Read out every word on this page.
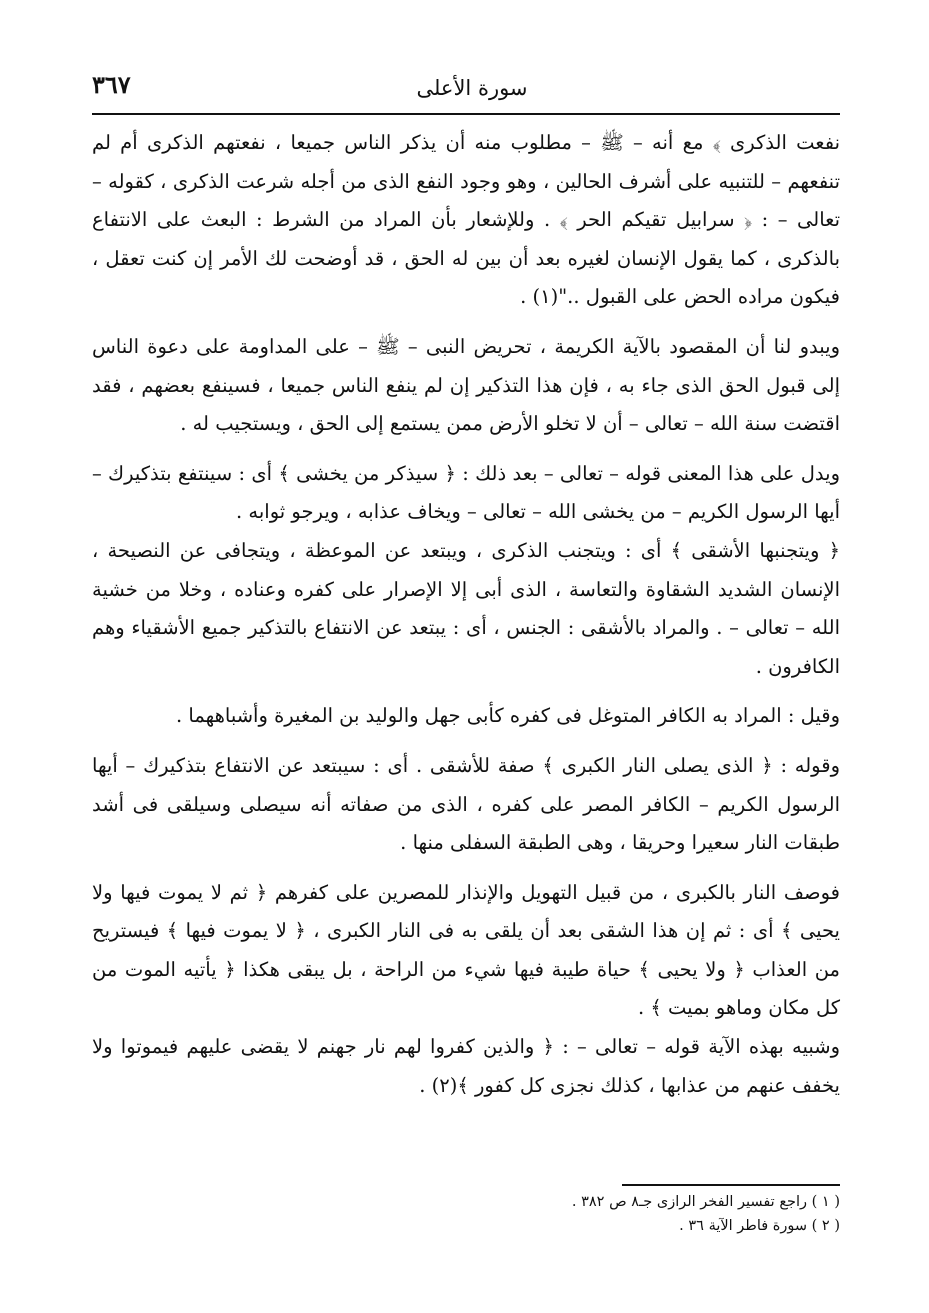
٣٦٧	سورة الأعلى

نفعت الذكرى ﴾ مع أنه – ﷺ – مطلوب منه أن يذكر الناس جميعا ، نفعتهم الذكرى أم لم تنفعهم – للتنبيه على أشرف الحالين ، وهو وجود النفع الذى من أجله شرعت الذكرى ، كقوله – تعالى – : ﴿ سرابيل تقيكم الحر ﴾ . وللإشعار بأن المراد من الشرط : البعث على الانتفاع بالذكرى ، كما يقول الإنسان لغيره بعد أن بين له الحق ، قد أوضحت لك الأمر إن كنت تعقل ، فيكون مراده الحض على القبول .."(١) .

ويبدو لنا أن المقصود بالآية الكريمة ، تحريض النبى – ﷺ – على المداومة على دعوة الناس إلى قبول الحق الذى جاء به ، فإن هذا التذكير إن لم ينفع الناس جميعا ، فسينفع بعضهم ، فقد اقتضت سنة الله – تعالى – أن لا تخلو الأرض ممن يستمع إلى الحق ، ويستجيب له .

ويدل على هذا المعنى قوله – تعالى – بعد ذلك : ﴿ سيذكر من يخشى ﴾ أى : سينتفع بتذكيرك – أيها الرسول الكريم – من يخشى الله – تعالى – ويخاف عذابه ، ويرجو ثوابه .

﴿ ويتجنبها الأشقى ﴾ أى : ويتجنب الذكرى ، ويبتعد عن الموعظة ، ويتجافى عن النصيحة ، الإنسان الشديد الشقاوة والتعاسة ، الذى أبى إلا الإصرار على كفره وعناده ، وخلا من خشية الله – تعالى – . والمراد بالأشقى : الجنس ، أى : يبتعد عن الانتفاع بالتذكير جميع الأشقياء وهم الكافرون .

وقيل : المراد به الكافر المتوغل فى كفره كأبى جهل والوليد بن المغيرة وأشباههما .

وقوله : ﴿ الذى يصلى النار الكبرى ﴾ صفة للأشقى . أى : سيبتعد عن الانتفاع بتذكيرك – أيها الرسول الكريم – الكافر المصر على كفره ، الذى من صفاته أنه سيصلى وسيلقى فى أشد طبقات النار سعيرا وحريقا ، وهى الطبقة السفلى منها .

فوصف النار بالكبرى ، من قبيل التهويل والإنذار للمصرين على كفرهم ﴿ ثم لا يموت فيها ولا يحيى ﴾ أى : ثم إن هذا الشقى بعد أن يلقى به فى النار الكبرى ، ﴿ لا يموت فيها ﴾ فيستريح من العذاب ﴿ ولا يحيى ﴾ حياة طيبة فيها شيء من الراحة ، بل يبقى هكذا ﴿ يأتيه الموت من كل مكان وماهو بميت ﴾ .

وشبيه بهذه الآية قوله – تعالى – : ﴿ والذين كفروا لهم نار جهنم لا يقضى عليهم فيموتوا ولا يخفف عنهم من عذابها ، كذلك نجزى كل كفور ﴾(٢) .

( ١ ) راجع تفسير الفخر الرازى جـ٨ ص ٣٨٢ .
( ٢ ) سورة فاطر الآية ٣٦ .
